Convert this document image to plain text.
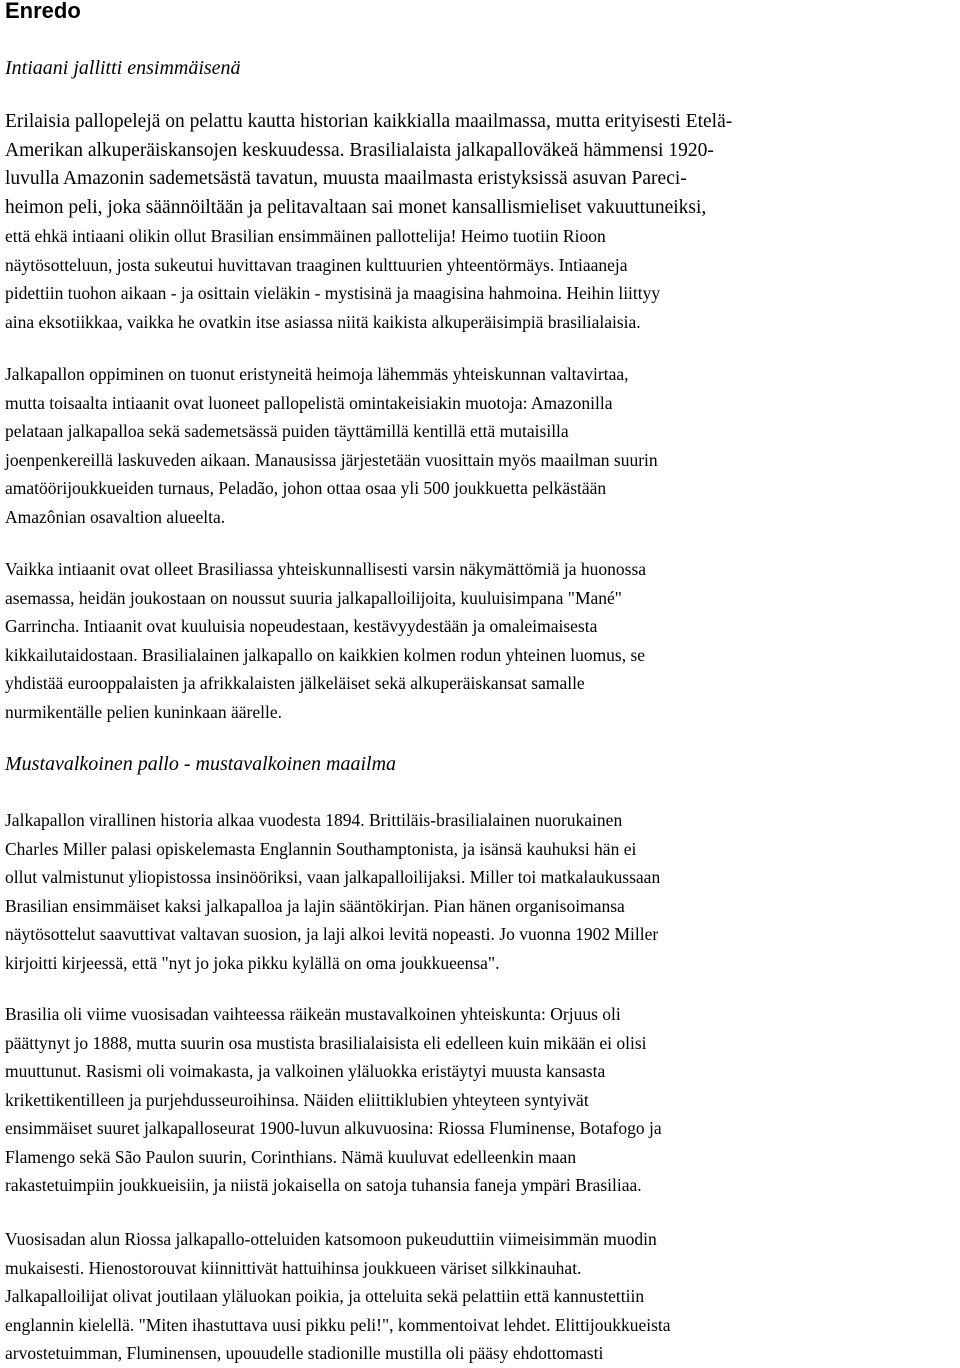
Enredo
Intiaani jallitti ensimmäisenä

Erilaisia pallopelejä on pelattu kautta historian kaikkialla maailmassa, mutta erityisesti Etelä-
Amerikan alkuperäiskansojen keskuudessa. Brasilialaista jalkapalloväkeä hämmensi 1920-
luvulla Amazonin sademetsästä tavatun, muusta maailmasta eristyksissä asuvan Pareci-
heimon peli, joka säännöiltään ja pelitavaltaan sai monet kansallismieliset vakuuttuneiksi,
että ehkä intiaani olikin ollut Brasilian ensimmäinen pallottelija! Heimo tuotiin Rioon
näytösotteluun, josta sukeutui huvittavan traaginen kulttuurien yhteentörmäys. Intiaaneja
pidettiin tuohon aikaan - ja osittain vieläkin - mystisinä ja maagisina hahmoina. Heihin liittyy
aina eksotiikkaa, vaikka he ovatkin itse asiassa niitä kaikista alkuperäisimpiä brasilialaisia.

Jalkapallon oppiminen on tuonut eristyneitä heimoja lähemmäs yhteiskunnan valtavirtaa,
mutta toisaalta intiaanit ovat luoneet pallopelistä omintakeisiakin muotoja: Amazonilla
pelataan jalkapalloa sekä sademetsässä puiden täyttämillä kentillä että mutaisilla
joenpenkereillä laskuveden aikaan. Manausissa järjestetään vuosittain myös maailman suurin
amatöörijoukkueiden turnaus, Peladão, johon ottaa osaa yli 500 joukkuetta pelkästään
Amazônian osavaltion alueelta.

Vaikka intiaanit ovat olleet Brasiliassa yhteiskunnallisesti varsin näkymättömiä ja huonossa
asemassa, heidän joukostaan on noussut suuria jalkapalloilijoita, kuuluisimpana "Mané"
Garrincha. Intiaanit ovat kuuluisia nopeudestaan, kestävyydestään ja omaleimaisesta
kikkailutaidostaan. Brasilialainen jalkapallo on kaikkien kolmen rodun yhteinen luomus, se
yhdistää eurooppalaisten ja afrikkalaisten jälkeläiset sekä alkuperäiskansat samalle
nurmikentälle pelien kuninkaan äärelle.

Mustavalkoinen pallo - mustavalkoinen maailma

Jalkapallon virallinen historia alkaa vuodesta 1894. Brittiläis-brasilialainen nuorukainen
Charles Miller palasi opiskelemasta Englannin Southamptonista, ja isänsä kauhuksi hän ei
ollut valmistunut yliopistossa insinööriksi, vaan jalkapalloilijaksi. Miller toi matkalaukussaan
Brasilian ensimmäiset kaksi jalkapalloa ja lajin sääntökirjan. Pian hänen organisoimansa
näytösottelut saavuttivat valtavan suosion, ja laji alkoi levitä nopeasti. Jo vuonna 1902 Miller
kirjoitti kirjeessä, että "nyt jo joka pikku kylällä on oma joukkueensa".

Brasilia oli viime vuosisadan vaihteessa räikeän mustavalkoinen yhteiskunta: Orjuus oli
päättynyt jo 1888, mutta suurin osa mustista brasilialaisista eli edelleen kuin mikään ei olisi
muuttunut. Rasismi oli voimakasta, ja valkoinen yläluokka eristäytyi muusta kansasta
krikettikentilleen ja purjehdusseuroihinsa. Näiden eliittiklubien yhteyteen syntyivät
ensimmäiset suuret jalkapalloseurat 1900-luvun alkuvuosina: Riossa Fluminense, Botafogo ja
Flamengo sekä São Paulon suurin, Corinthians. Nämä kuuluvat edelleenkin maan
rakastetuimpiin joukkueisiin, ja niistä jokaisella on satoja tuhansia faneja ympäri Brasiliaa.

Vuosisadan alun Riossa jalkapallo-otteluiden katsomoon pukeuduttiin viimeisimmän muodin
mukaisesti. Hienostorouvat kiinnittivät hattuihinsa joukkueen väriset silkkinauhat.
Jalkapalloilijat olivat joutilaan yläluokan poikia, ja otteluita sekä pelattiin että kannustettiin
englannin kielellä. "Miten ihastuttava uusi pikku peli!", kommentoivat lehdet. Elittijoukkueista
arvostetuimman, Fluminensen, upouudelle stadionille mustilla oli pääsy ehdottomasti
